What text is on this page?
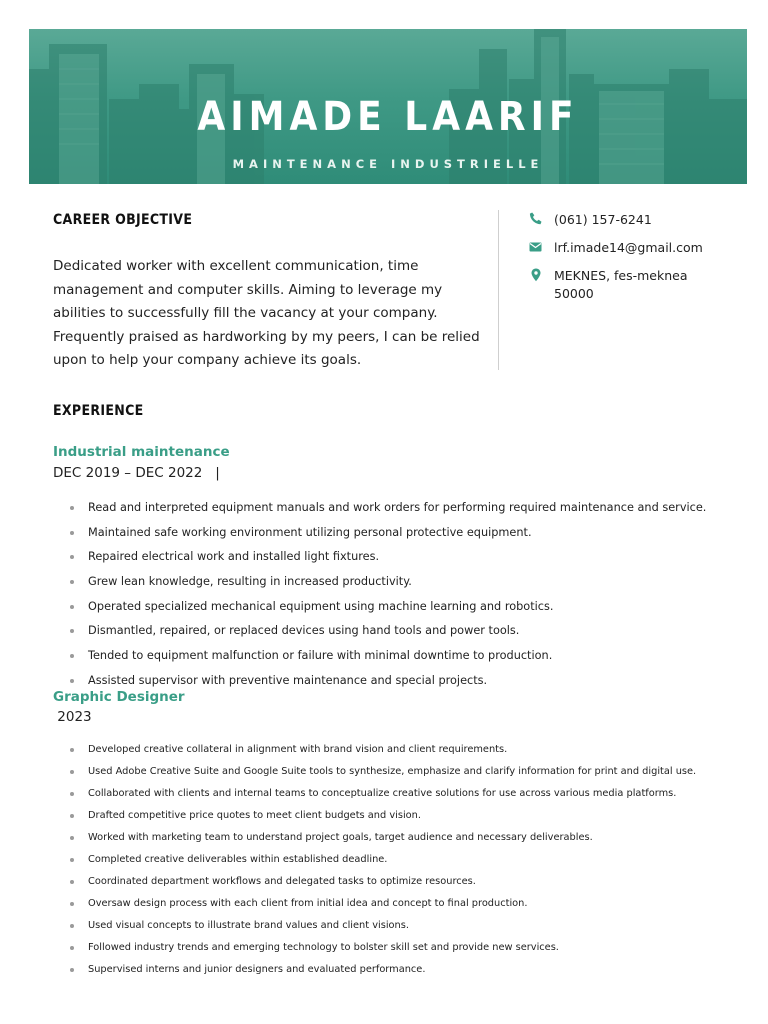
AIMADE LAARIF
MAINTENANCE INDUSTRIELLE
CAREER OBJECTIVE
Dedicated worker with excellent communication, time management and computer skills. Aiming to leverage my abilities to successfully fill the vacancy at your company. Frequently praised as hardworking by my peers, I can be relied upon to help your company achieve its goals.
(061) 157-6241
lrf.imade14@gmail.com
MEKNES, fes-meknea
50000
EXPERIENCE
Industrial maintenance
DEC 2019 – DEC 2022   |
Read and interpreted equipment manuals and work orders for performing required maintenance and service.
Maintained safe working environment utilizing personal protective equipment.
Repaired electrical work and installed light fixtures.
Grew lean knowledge, resulting in increased productivity.
Operated specialized mechanical equipment using machine learning and robotics.
Dismantled, repaired, or replaced devices using hand tools and power tools.
Tended to equipment malfunction or failure with minimal downtime to production.
Assisted supervisor with preventive maintenance and special projects.
Graphic Designer
2023
Developed creative collateral in alignment with brand vision and client requirements.
Used Adobe Creative Suite and Google Suite tools to synthesize, emphasize and clarify information for print and digital use.
Collaborated with clients and internal teams to conceptualize creative solutions for use across various media platforms.
Drafted competitive price quotes to meet client budgets and vision.
Worked with marketing team to understand project goals, target audience and necessary deliverables.
Completed creative deliverables within established deadline.
Coordinated department workflows and delegated tasks to optimize resources.
Oversaw design process with each client from initial idea and concept to final production.
Used visual concepts to illustrate brand values and client visions.
Followed industry trends and emerging technology to bolster skill set and provide new services.
Supervised interns and junior designers and evaluated performance.
